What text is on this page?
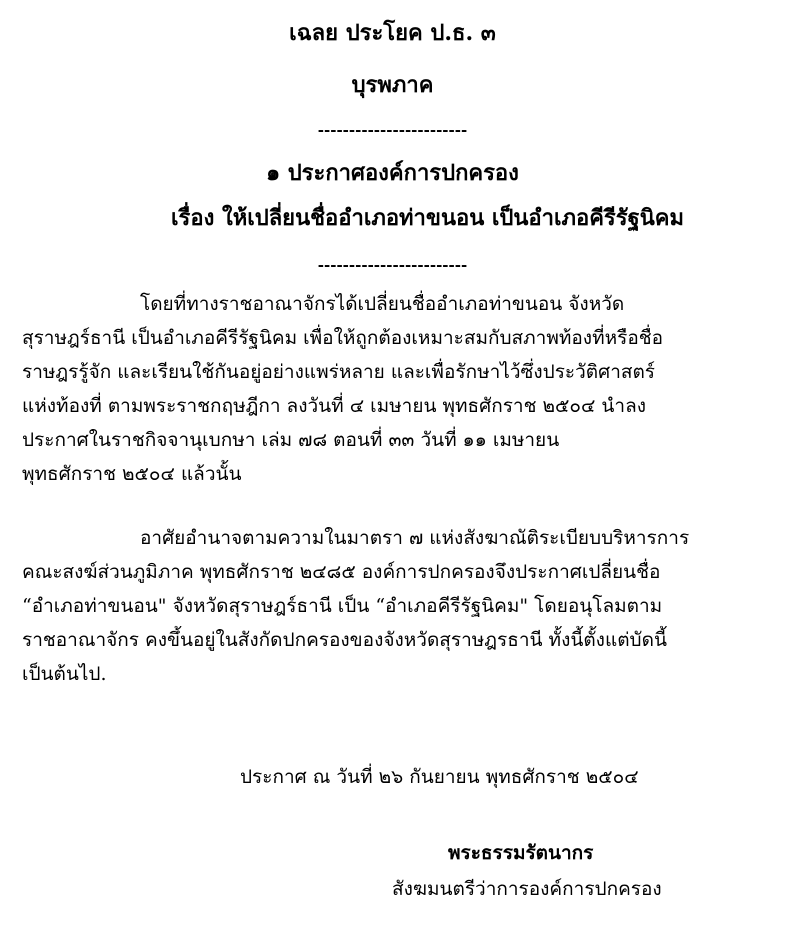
เฉลย ประโยค ป.ธ. ๓
บุรพภาค
------------------------
๑ ประกาศองค์การปกครอง
เรื่อง ให้เปลี่ยนชื่ออำเภอท่าขนอน เป็นอำเภอคีรีรัฐนิคม
------------------------
โดยที่ทางราชอาณาจักรได้เปลี่ยนชื่ออำเภอท่าขนอน จังหวัด
สุราษฎร์ธานี เป็นอำเภอคีรีรัฐนิคม เพื่อให้ถูกต้องเหมาะสมกับสภาพท้องที่หรือชื่อ
ราษฎรรู้จัก และเรียนใช้กันอยู่อย่างแพร่หลาย และเพื่อรักษาไว้ซึ่งประวัติศาสตร์
แห่งท้องที่ ตามพระราชกฤษฎีกา ลงวันที่ ๔ เมษายน พุทธศักราช ๒๕๐๔ นำลง
ประกาศในราชกิจจานุเบกษา เล่ม ๗๘ ตอนที่ ๓๓ วันที่ ๑๑ เมษายน
พุทธศักราช ๒๕๐๔ แล้วนั้น
อาศัยอำนาจตามความในมาตรา ๗ แห่งสังฆาณัติระเบียบบริหารการ
คณะสงฆ์ส่วนภูมิภาค พุทธศักราช ๒๔๘๕ องค์การปกครองจึงประกาศเปลี่ยนชื่อ
“อำเภอท่าขนอน" จังหวัดสุราษฎร์ธานี เป็น “อำเภอคีรีรัฐนิคม" โดยอนุโลมตาม
ราชอาณาจักร คงขึ้นอยู่ในสังกัดปกครองของจังหวัดสุราษฎรธานี ทั้งนี้ตั้งแต่บัดนี้
เป็นต้นไป.
ประกาศ ณ วันที่ ๒๖ กันยายน พุทธศักราช ๒๕๐๔
พระธรรมรัตนากร
สังฆมนตรีว่าการองค์การปกครอง
